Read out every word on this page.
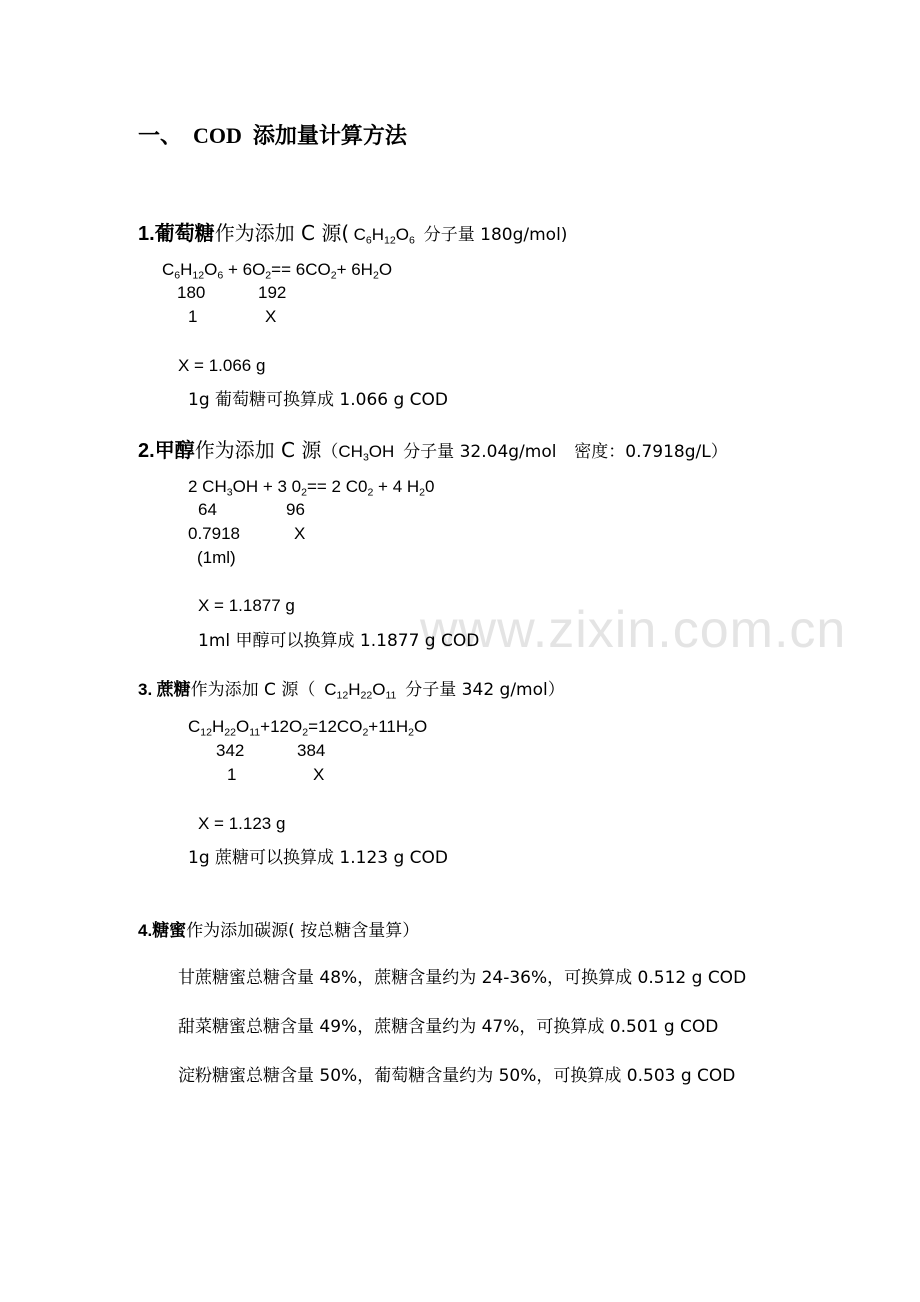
www.zixin.com.cn
一、 COD 添加量计算方法
1.葡萄糖作为添加 C 源( $C_6H_{12}O_6$ 分子量 180g/mol)
$C_6H_{12}O_6 + 6O_2== 6CO_2+ 6H_2O$
180	192
1	X
X = 1.066 g
1g 葡萄糖可换算成 1.066 g COD
2.甲醇作为添加 C 源（$CH_3OH$ 分子量 32.04g/mol 密度：0.7918g/L）
2 $CH_3OH + 3$ $0_2== 2$ $C0_2 + 4$ $H_20$
64	96
0.7918	X
(1ml)
X = 1.1877 g
1ml 甲醇可以换算成 1.1877 g COD
3. 蔗糖作为添加 C 源（ $C_{12}H_{22}O_{11}$ 分子量 342 g/mol）
$C_{12}H_{22}O_{11}+12O_2=12CO_2+11H_2O$
342	384
1	X
X = 1.123 g
1g 蔗糖可以换算成 1.123 g COD
4.糖蜜作为添加碳源( 按总糖含量算）
甘蔗糖蜜总糖含量 48%，蔗糖含量约为 24-36%，可换算成 0.512 g COD
甜菜糖蜜总糖含量 49%，蔗糖含量约为 47%，可换算成 0.501 g COD
淀粉糖蜜总糖含量 50%，葡萄糖含量约为 50%，可换算成 0.503 g COD
